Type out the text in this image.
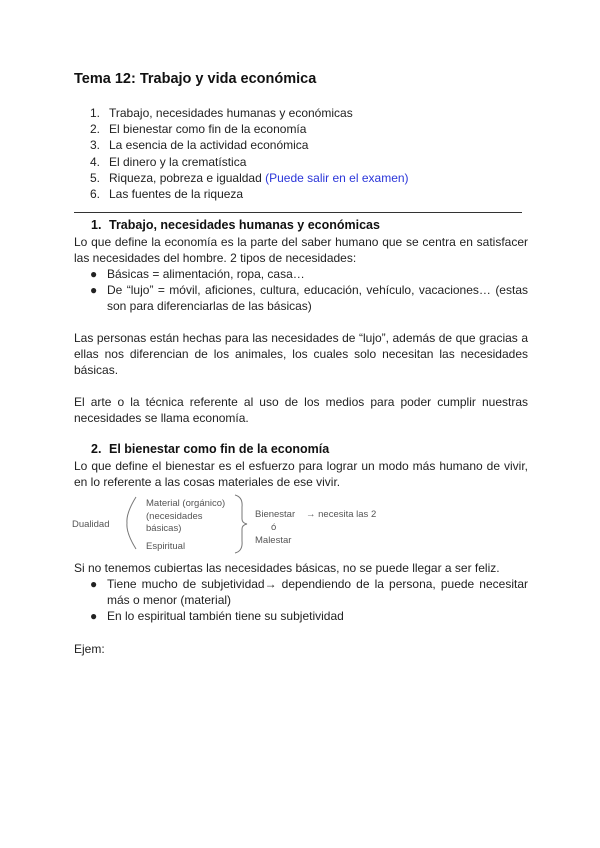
Tema 12: Trabajo y vida económica
1. Trabajo, necesidades humanas y económicas
2. El bienestar como fin de la economía
3. La esencia de la actividad económica
4. El dinero y la crematística
5. Riqueza, pobreza e igualdad (Puede salir en el examen)
6. Las fuentes de la riqueza
1. Trabajo, necesidades humanas y económicas
Lo que define la economía es la parte del saber humano que se centra en satisfacer las necesidades del hombre. 2 tipos de necesidades:
● Básicas = alimentación, ropa, casa…
● De “lujo” = móvil, aficiones, cultura, educación, vehículo, vacaciones… (estas son para diferenciarlas de las básicas)
Las personas están hechas para las necesidades de “lujo”, además de que gracias a ellas nos diferencian de los animales, los cuales solo necesitan las necesidades básicas.
El arte o la técnica referente al uso de los medios para poder cumplir nuestras necesidades se llama economía.
2. El bienestar como fin de la economía
Lo que define el bienestar es el esfuerzo para lograr un modo más humano de vivir, en lo referente a las cosas materiales de ese vivir.
Dualidad
Material (orgánico)
(necesidades
básicas)
Espiritual
Bienestar → necesita las 2
ó
Malestar
Si no tenemos cubiertas las necesidades básicas, no se puede llegar a ser feliz.
● Tiene mucho de subjetividad→ dependiendo de la persona, puede necesitar más o menor (material)
● En lo espiritual también tiene su subjetividad
Ejem:
